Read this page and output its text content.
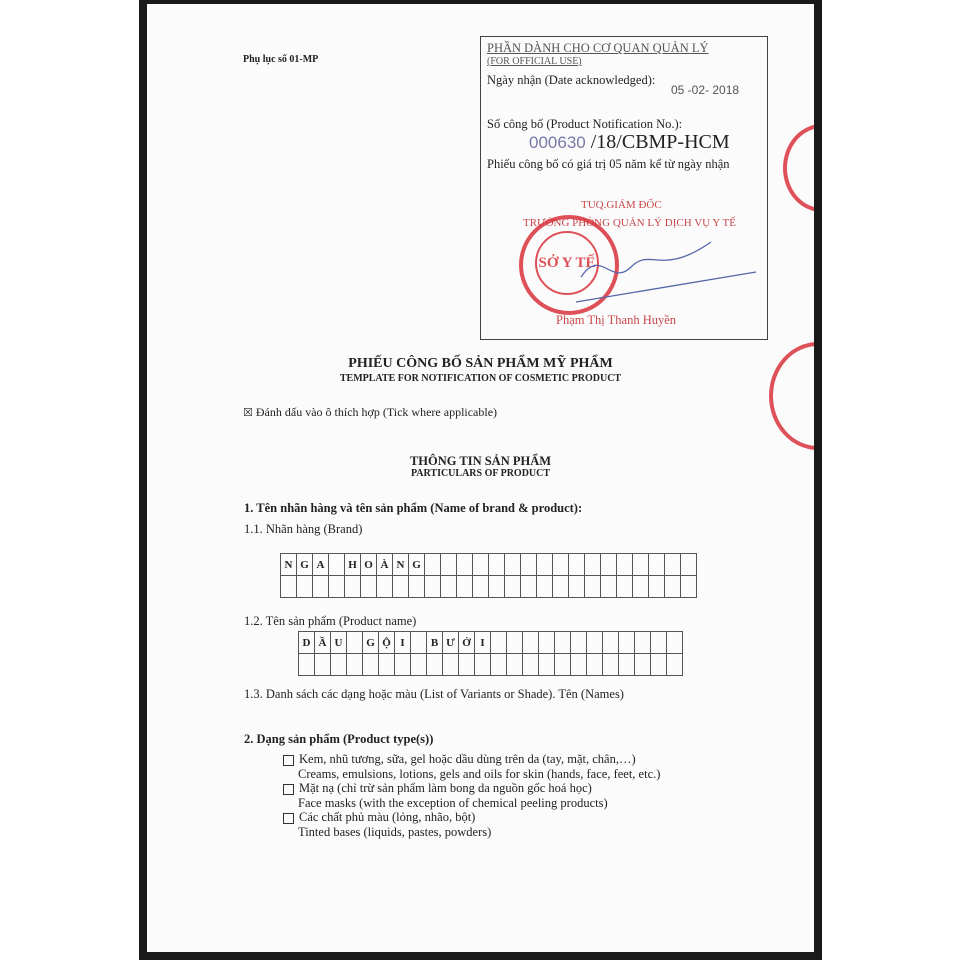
Phụ lục số 01-MP
PHẦN DÀNH CHO CƠ QUAN QUẢN LÝ
(FOR OFFICIAL USE)
Ngày nhận (Date acknowledged):
05 -02- 2018
Số công bố (Product Notification No.):
000630 /18/CBMP-HCM
Phiếu công bố có giá trị 05 năm kể từ ngày nhận
TUQ.GIÁM ĐỐC
TRƯỞNG PHÒNG QUẢN LÝ DỊCH VỤ Y TẾ
SỞ Y TẾ
Phạm Thị Thanh Huyền
PHIẾU CÔNG BỐ SẢN PHẨM MỸ PHẨM
TEMPLATE FOR NOTIFICATION OF COSMETIC PRODUCT
☒ Đánh dấu vào ô thích hợp (Tick where applicable)
THÔNG TIN SẢN PHẨM
PARTICULARS OF PRODUCT
1. Tên nhãn hàng và tên sản phẩm (Name of brand & product):
1.1. Nhãn hàng (Brand)
N	G	A		H	O	À	N	G																	

1.2. Tên sản phẩm (Product name)
D	Ầ	U		G	Ộ	I		B	Ư	Ở	I												

1.3. Danh sách các dạng hoặc màu (List of Variants or Shade). Tên (Names)
2. Dạng sản phẩm (Product type(s))
Kem, nhũ tương, sữa, gel hoặc dầu dùng trên da (tay, mặt, chân,…)
Creams, emulsions, lotions, gels and oils for skin (hands, face, feet, etc.)
Mặt nạ (chỉ trừ sản phẩm làm bong da nguồn gốc hoá học)
Face masks (with the exception of chemical peeling products)
Các chất phủ màu (lỏng, nhão, bột)
Tinted bases (liquids, pastes, powders)
